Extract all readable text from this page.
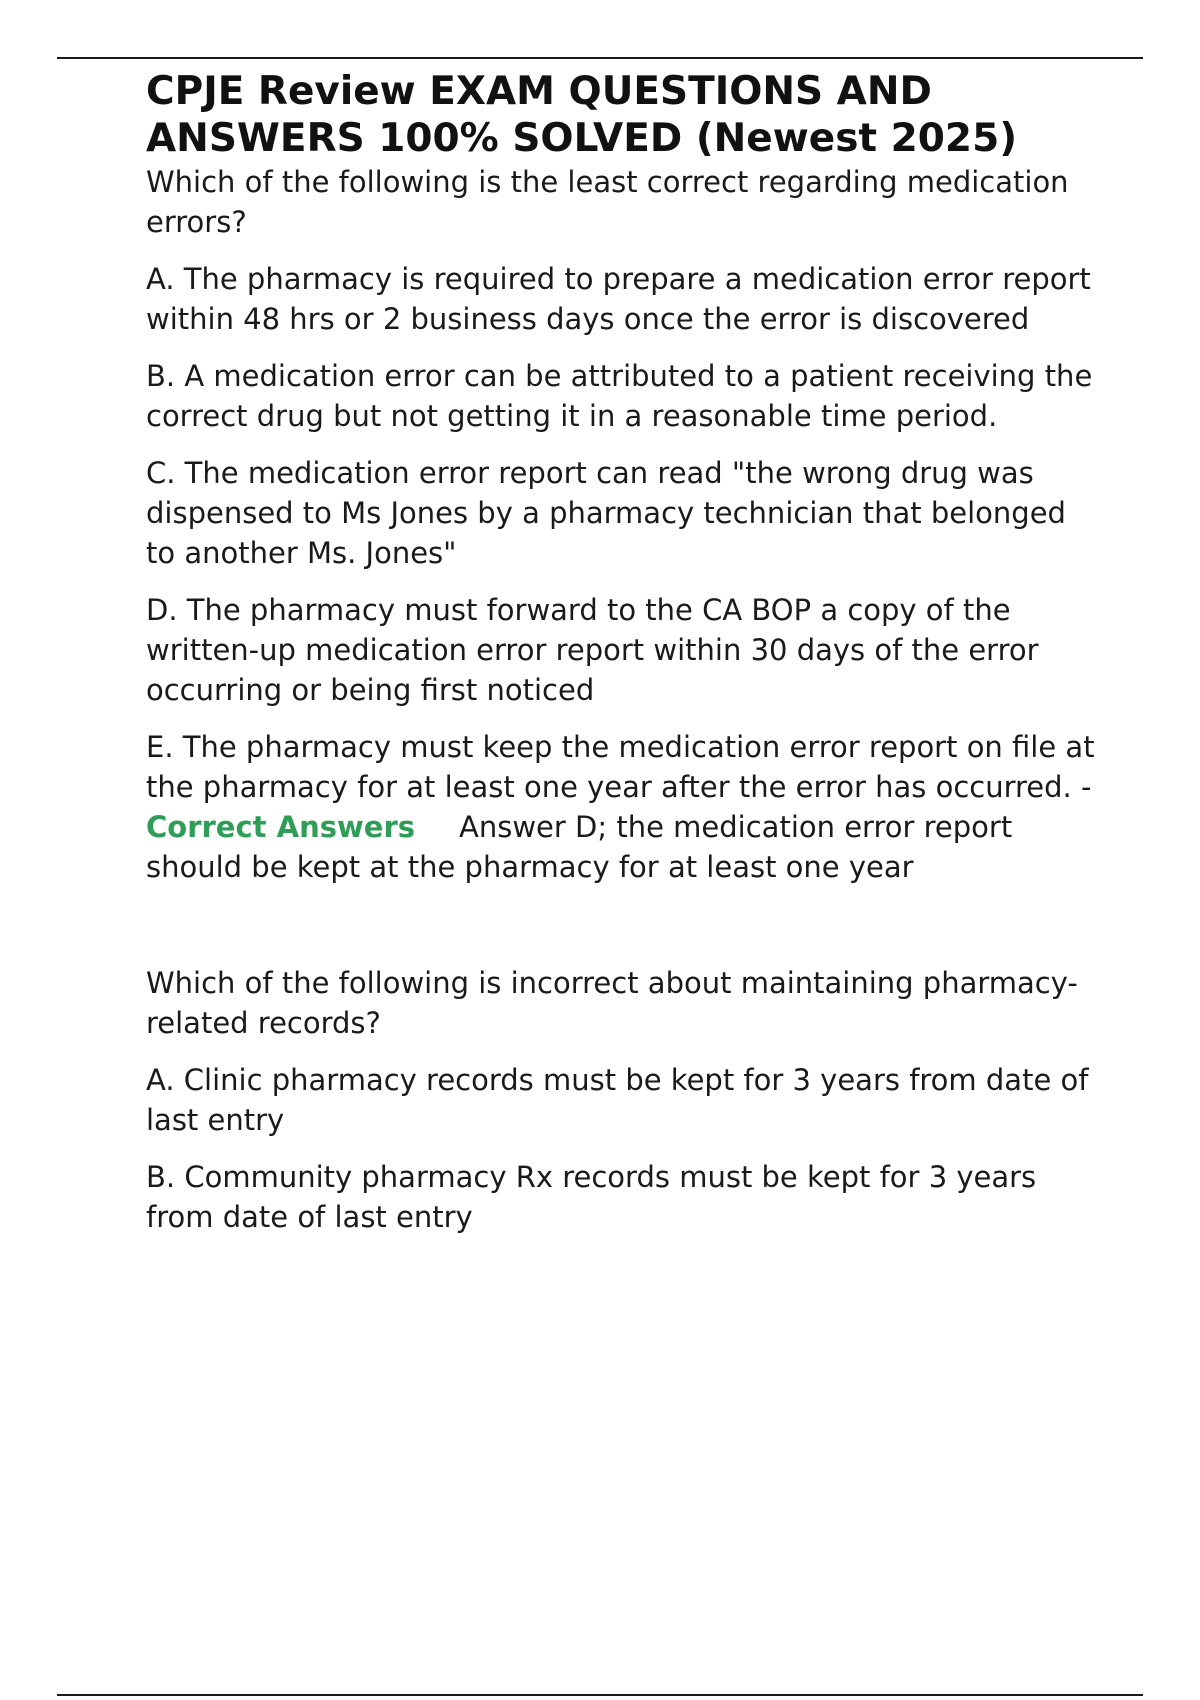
CPJE Review EXAM QUESTIONS AND ANSWERS 100% SOLVED (Newest 2025)

Which of the following is the least correct regarding medication errors?

A. The pharmacy is required to prepare a medication error report within 48 hrs or 2 business days once the error is discovered

B. A medication error can be attributed to a patient receiving the correct drug but not getting it in a reasonable time period.

C. The medication error report can read "the wrong drug was dispensed to Ms Jones by a pharmacy technician that belonged to another Ms. Jones"

D. The pharmacy must forward to the CA BOP a copy of the written-up medication error report within 30 days of the error occurring or being first noticed

E. The pharmacy must keep the medication error report on file at the pharmacy for at least one year after the error has occurred. - Correct Answers Answer D; the medication error report should be kept at the pharmacy for at least one year

Which of the following is incorrect about maintaining pharmacy-related records?

A. Clinic pharmacy records must be kept for 3 years from date of last entry

B. Community pharmacy Rx records must be kept for 3 years from date of last entry
